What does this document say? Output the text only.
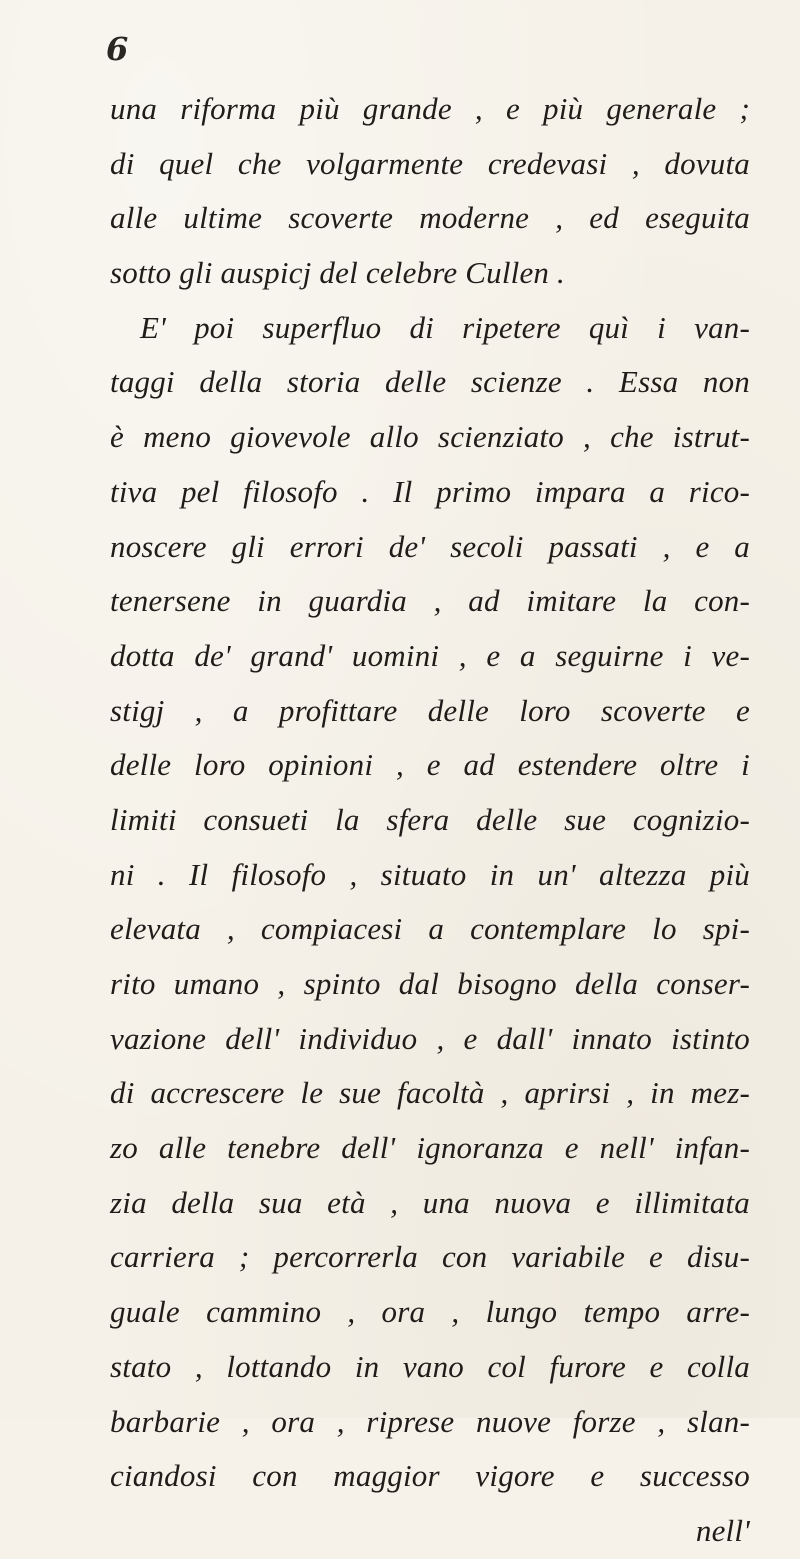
6
una riforma più grande , e più generale ;
di quel che volgarmente credevasi , dovuta
alle ultime scoverte moderne , ed eseguita
sotto gli auspicj del celebre Cullen .
E' poi superfluo di ripetere quì i van-
taggi della storia delle scienze . Essa non
è meno giovevole allo scienziato , che istrut-
tiva pel filosofo . Il primo impara a rico-
noscere gli errori de' secoli passati , e a
tenersene in guardia , ad imitare la con-
dotta de' grand' uomini , e a seguirne i ve-
stigj , a profittare delle loro scoverte e
delle loro opinioni , e ad estendere oltre i
limiti consueti la sfera delle sue cognizio-
ni . Il filosofo , situato in un' altezza più
elevata , compiacesi a contemplare lo spi-
rito umano , spinto dal bisogno della conser-
vazione dell' individuo , e dall' innato istinto
di accrescere le sue facoltà , aprirsi , in mez-
zo alle tenebre dell' ignoranza e nell' infan-
zia della sua età , una nuova e illimitata
carriera ; percorrerla con variabile e disu-
guale cammino , ora , lungo tempo arre-
stato , lottando in vano col furore e colla
barbarie , ora , riprese nuove forze , slan-
ciandosi con maggior vigore e successo
nell'
